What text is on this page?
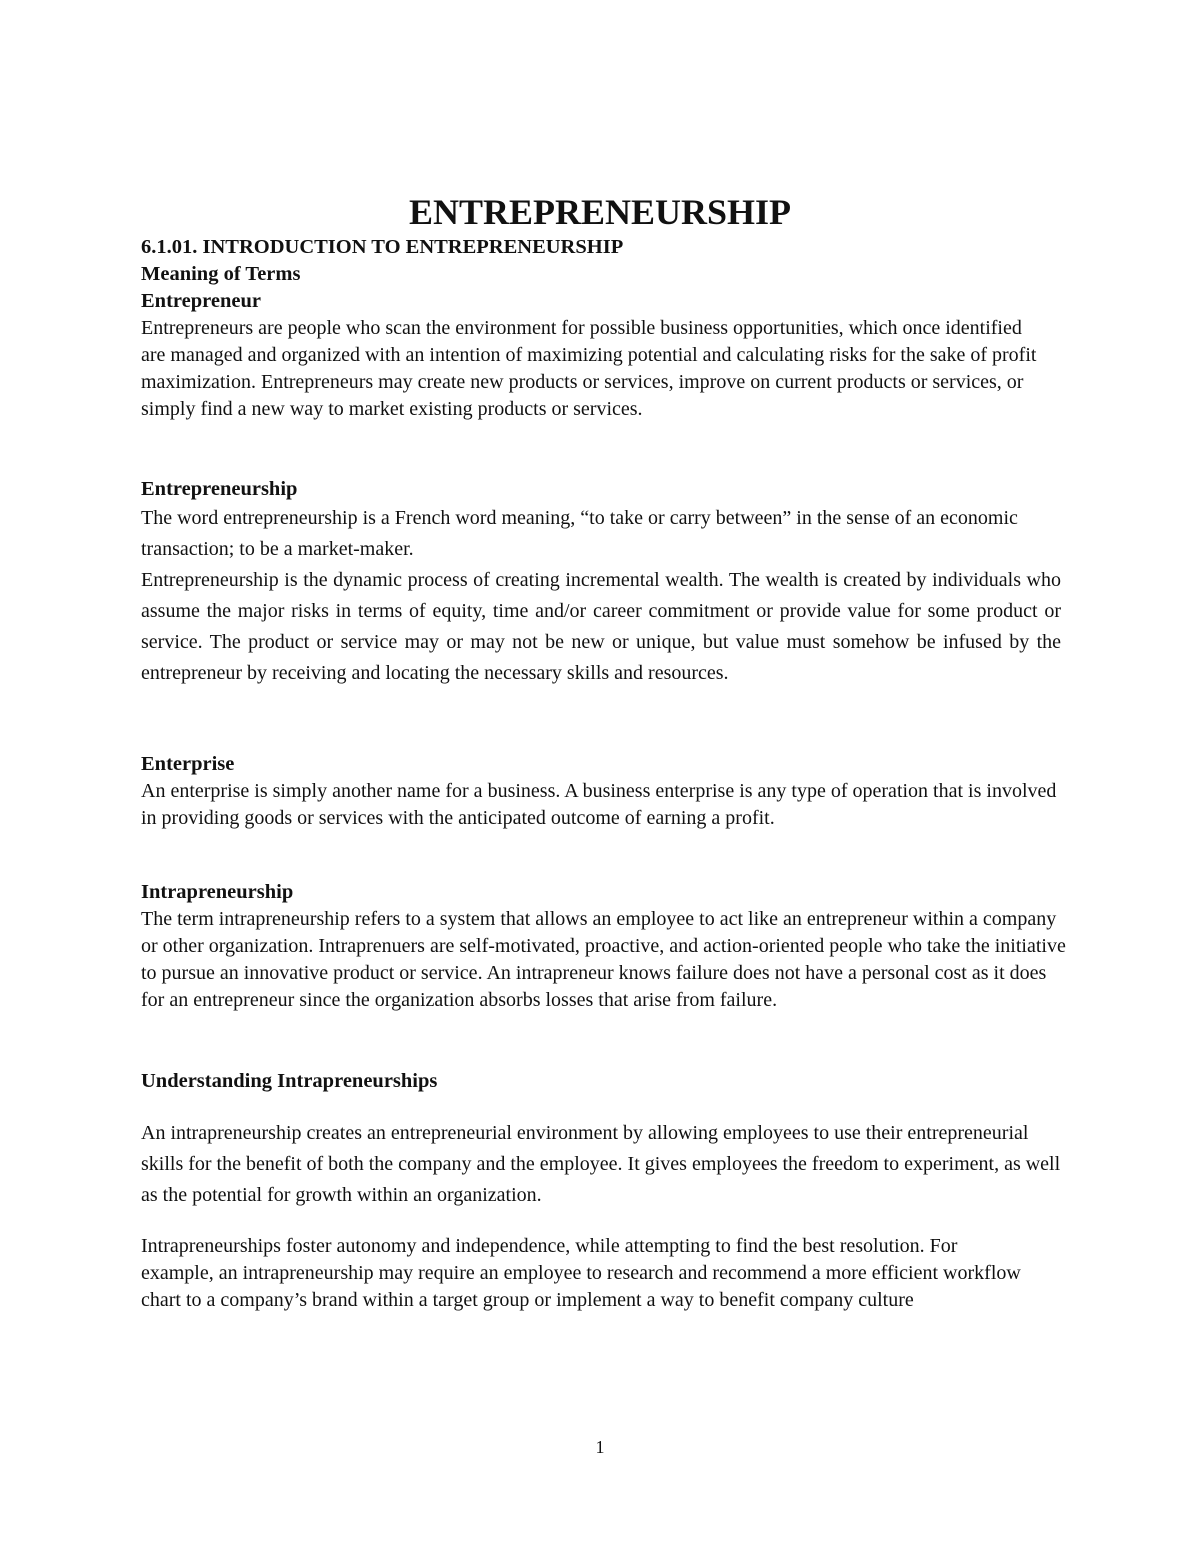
ENTREPRENEURSHIP
6.1.01. INTRODUCTION TO ENTREPRENEURSHIP
Meaning of Terms
Entrepreneur

Entrepreneurs are people who scan the environment for possible business opportunities, which once identified are managed and organized with an intention of maximizing potential and calculating risks for the sake of profit maximization. Entrepreneurs may create new products or services, improve on current products or services, or simply find a new way to market existing products or services.

Entrepreneurship

The word entrepreneurship is a French word meaning, “to take or carry between” in the sense of an economic transaction; to be a market-maker.

Entrepreneurship is the dynamic process of creating incremental wealth. The wealth is created by individuals who assume the major risks in terms of equity, time and/or career commitment or provide value for some product or service. The product or service may or may not be new or unique, but value must somehow be infused by the entrepreneur by receiving and locating the necessary skills and resources.

Enterprise

An enterprise is simply another name for a business. A business enterprise is any type of operation that is involved in providing goods or services with the anticipated outcome of earning a profit.

Intrapreneurship

The term intrapreneurship refers to a system that allows an employee to act like an entrepreneur within a company or other organization. Intraprenuers are self-motivated, proactive, and action-oriented people who take the initiative to pursue an innovative product or service. An intrapreneur knows failure does not have a personal cost as it does for an entrepreneur since the organization absorbs losses that arise from failure.

Understanding Intrapreneurships

An intrapreneurship creates an entrepreneurial environment by allowing employees to use their entrepreneurial skills for the benefit of both the company and the employee. It gives employees the freedom to experiment, as well as the potential for growth within an organization.

Intrapreneurships foster autonomy and independence, while attempting to find the best resolution. For example, an intrapreneurship may require an employee to research and recommend a more efficient workflow chart to a company’s brand within a target group or implement a way to benefit company culture

1
